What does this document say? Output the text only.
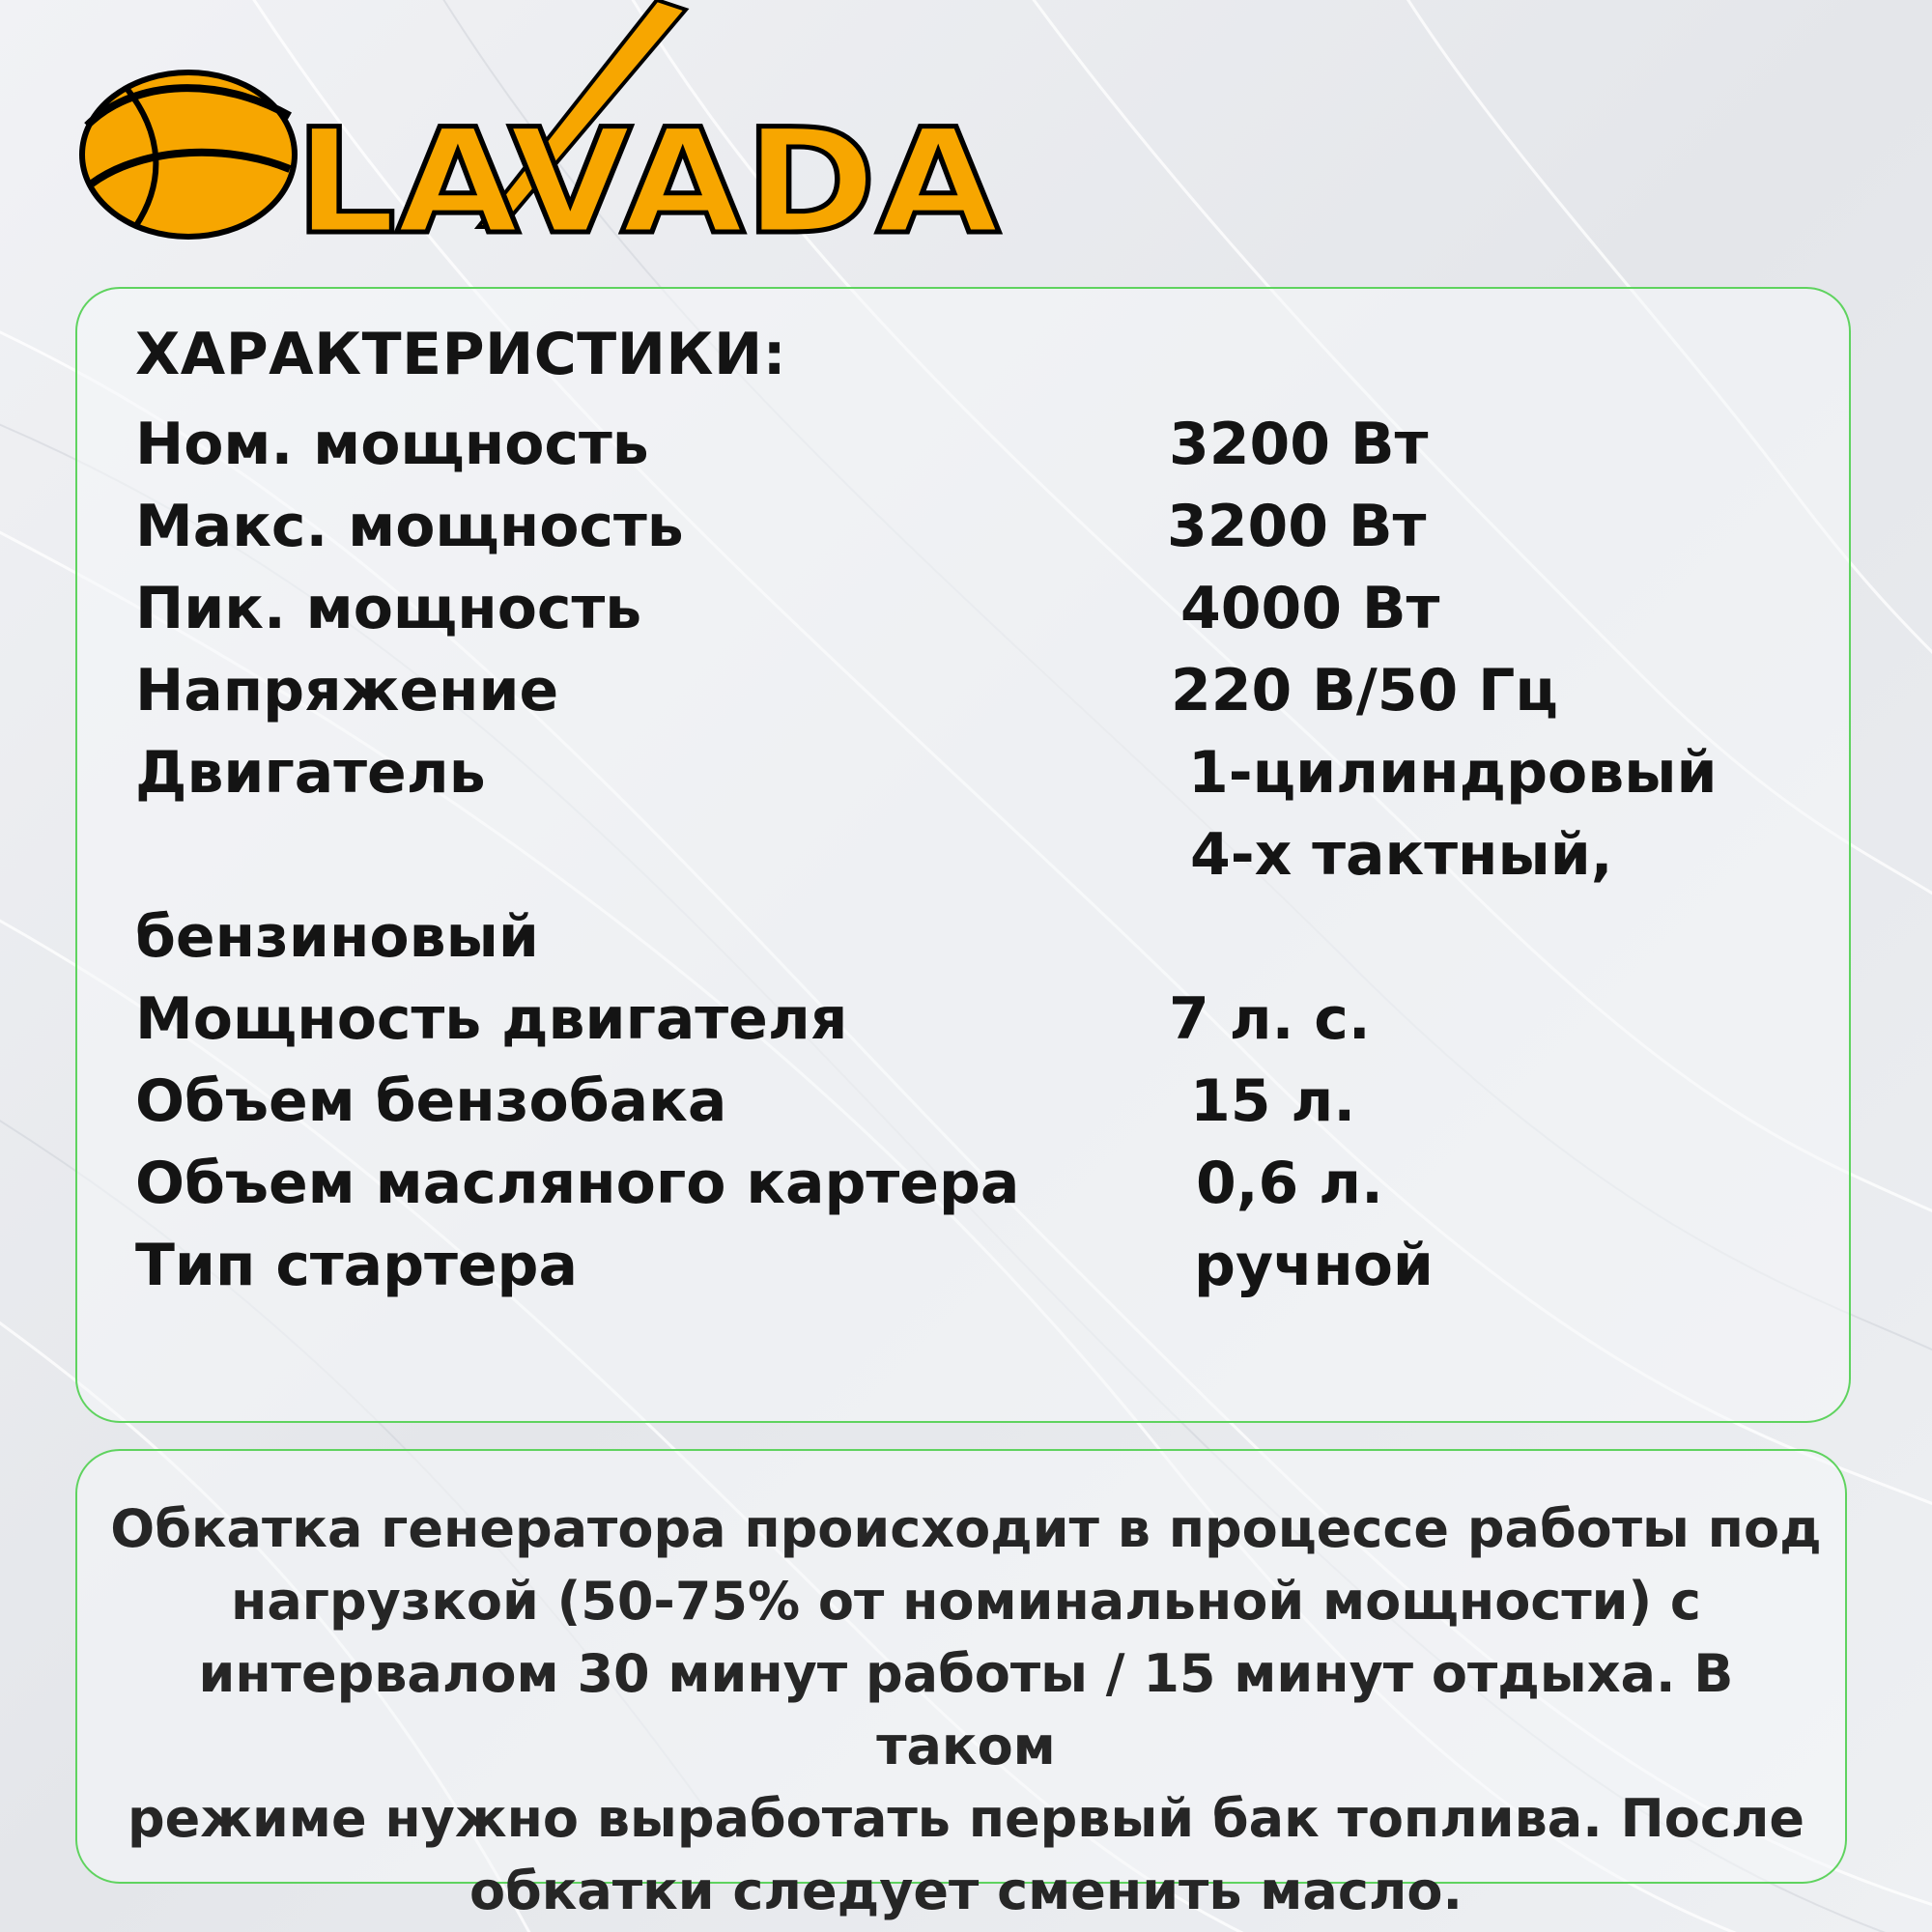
LAVADA
ХАРАКТЕРИСТИКИ:
Ном. мощность	3200 Вт
Макс. мощность	3200 Вт
Пик. мощность	4000 Вт
Напряжение	220 В/50 Гц
Двигатель	1-цилиндровый
4-х тактный,
бензиновый
Мощность двигателя	7 л. с.
Объем бензобака	15 л.
Объем масляного картера	0,6 л.
Тип стартера	ручной
Обкатка генератора происходит в процессе работы под
нагрузкой (50-75% от номинальной мощности) с
интервалом 30 минут работы / 15 минут отдыха. В таком
режиме нужно выработать первый бак топлива. После
обкатки следует сменить масло.
